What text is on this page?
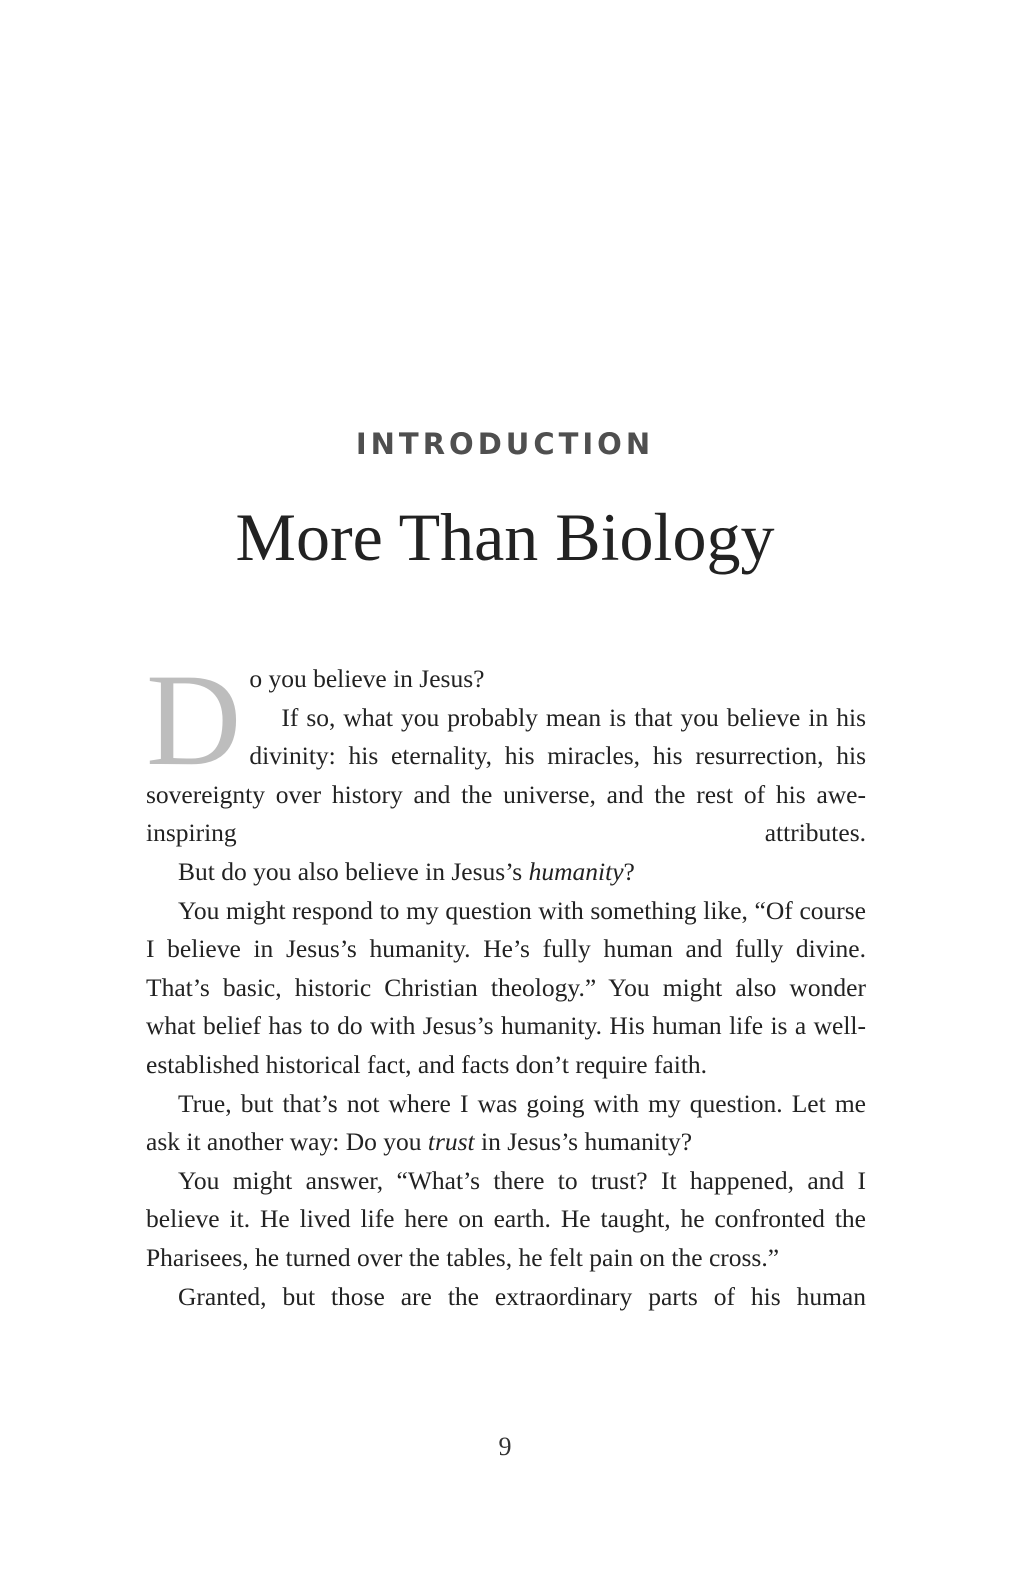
INTRODUCTION
More Than Biology

Do you believe in Jesus?

If so, what you probably mean is that you believe in his divinity: his eternality, his miracles, his resurrection, his sovereignty over history and the universe, and the rest of his awe-inspiring attributes.

But do you also believe in Jesus’s humanity?

You might respond to my question with something like, “Of course I believe in Jesus’s humanity. He’s fully human and fully divine. That’s basic, historic Christian theology.” You might also wonder what belief has to do with Jesus’s humanity. His human life is a well-established historical fact, and facts don’t require faith.

True, but that’s not where I was going with my question. Let me ask it another way: Do you trust in Jesus’s humanity?

You might answer, “What’s there to trust? It happened, and I believe it. He lived life here on earth. He taught, he confronted the Pharisees, he turned over the tables, he felt pain on the cross.”

Granted, but those are the extraordinary parts of his human

9
